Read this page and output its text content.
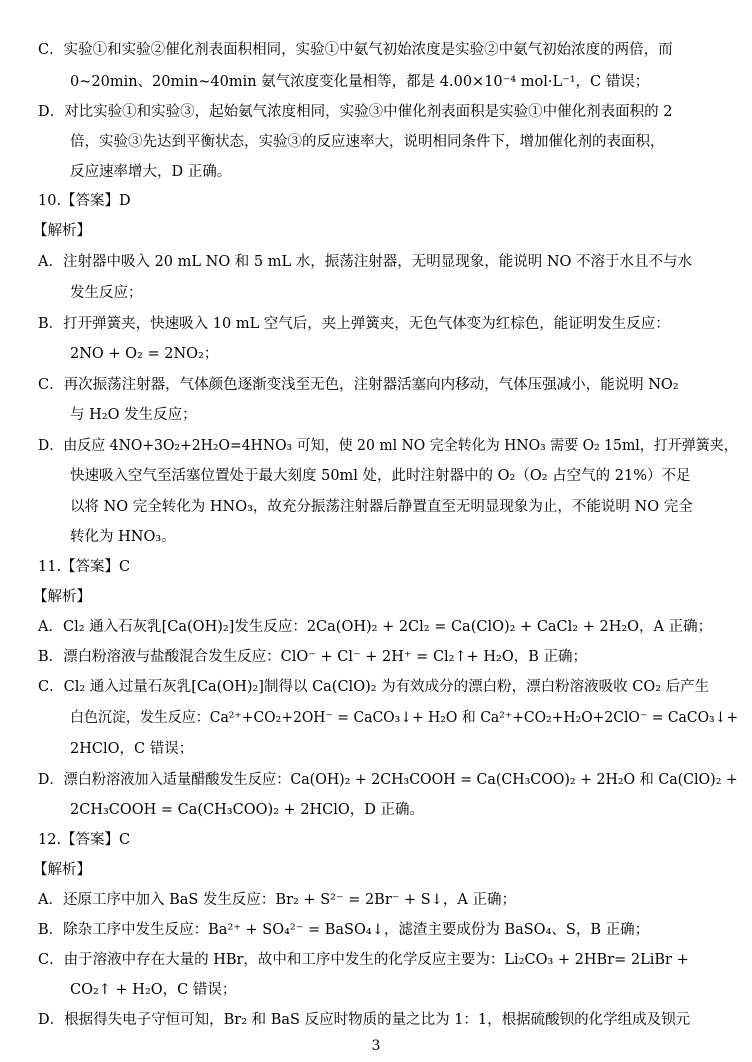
C．实验①和实验②催化剂表面积相同，实验①中氨气初始浓度是实验②中氨气初始浓度的两倍，而
0~20min、20min~40min 氨气浓度变化量相等，都是 4.00×10⁻⁴ mol·L⁻¹，C 错误；
D．对比实验①和实验③，起始氨气浓度相同，实验③中催化剂表面积是实验①中催化剂表面积的 2
倍，实验③先达到平衡状态，实验③的反应速率大，说明相同条件下，增加催化剂的表面积，
反应速率增大，D 正确。
10.【答案】D
【解析】
A．注射器中吸入 20 mL NO 和 5 mL 水，振荡注射器，无明显现象，能说明 NO 不溶于水且不与水
发生反应；
B．打开弹簧夹，快速吸入 10 mL 空气后，夹上弹簧夹，无色气体变为红棕色，能证明发生反应：
2NO + O₂ = 2NO₂；
C．再次振荡注射器，气体颜色逐渐变浅至无色，注射器活塞向内移动，气体压强减小，能说明 NO₂
与 H₂O 发生反应；
D．由反应 4NO+3O₂+2H₂O=4HNO₃ 可知，使 20 ml NO 完全转化为 HNO₃ 需要 O₂ 15ml，打开弹簧夹，
快速吸入空气至活塞位置处于最大刻度 50ml 处，此时注射器中的 O₂（O₂ 占空气的 21%）不足
以将 NO 完全转化为 HNO₃，故充分振荡注射器后静置直至无明显现象为止，不能说明 NO 完全
转化为 HNO₃。
11.【答案】C
【解析】
A．Cl₂ 通入石灰乳[Ca(OH)₂]发生反应：2Ca(OH)₂ + 2Cl₂ = Ca(ClO)₂ + CaCl₂ + 2H₂O，A 正确；
B．漂白粉溶液与盐酸混合发生反应：ClO⁻ + Cl⁻ + 2H⁺ = Cl₂↑+ H₂O，B 正确；
C．Cl₂ 通入过量石灰乳[Ca(OH)₂]制得以 Ca(ClO)₂ 为有效成分的漂白粉，漂白粉溶液吸收 CO₂ 后产生
白色沉淀，发生反应：Ca²⁺+CO₂+2OH⁻ = CaCO₃↓+ H₂O 和 Ca²⁺+CO₂+H₂O+2ClO⁻ = CaCO₃↓+
2HClO，C 错误；
D．漂白粉溶液加入适量醋酸发生反应：Ca(OH)₂ + 2CH₃COOH = Ca(CH₃COO)₂ + 2H₂O 和 Ca(ClO)₂ +
2CH₃COOH = Ca(CH₃COO)₂ + 2HClO，D 正确。
12.【答案】C
【解析】
A．还原工序中加入 BaS 发生反应：Br₂ + S²⁻ = 2Br⁻ + S↓，A 正确；
B．除杂工序中发生反应：Ba²⁺ + SO₄²⁻ = BaSO₄↓，滤渣主要成份为 BaSO₄、S，B 正确；
C．由于溶液中存在大量的 HBr，故中和工序中发生的化学反应主要为：Li₂CO₃ + 2HBr= 2LiBr +
CO₂↑ + H₂O，C 错误；
D．根据得失电子守恒可知，Br₂ 和 BaS 反应时物质的量之比为 1：1，根据硫酸钡的化学组成及钡元
3
